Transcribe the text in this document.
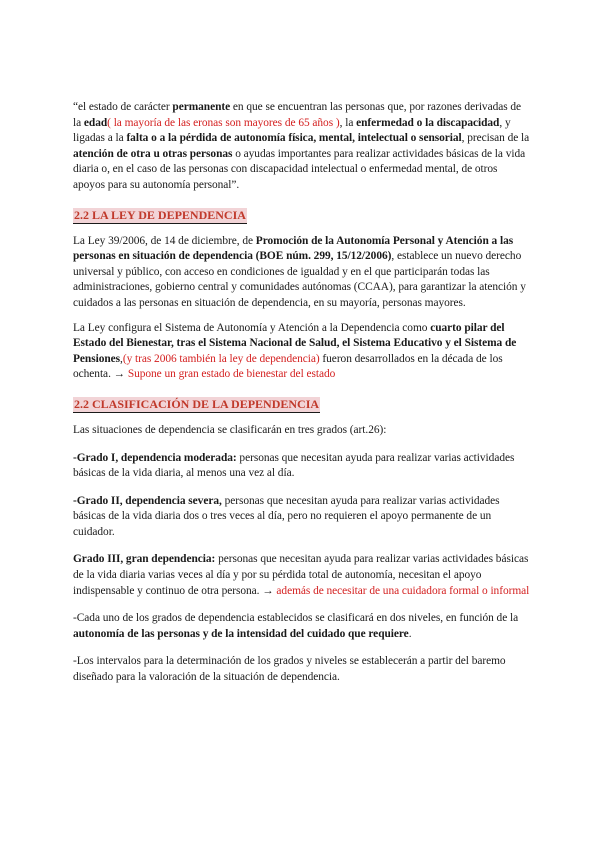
“el estado de carácter permanente en que se encuentran las personas que, por razones derivadas de la edad( la mayoría de las eronas son mayores de 65 años ), la enfermedad o la discapacidad, y ligadas a la falta o a la pérdida de autonomía física, mental, intelectual o sensorial, precisan de la atención de otra u otras personas o ayudas importantes para realizar actividades básicas de la vida diaria o, en el caso de las personas con discapacidad intelectual o enfermedad mental, de otros apoyos para su autonomía personal”.

2.2 LA LEY DE DEPENDENCIA

La Ley 39/2006, de 14 de diciembre, de Promoción de la Autonomía Personal y Atención a las personas en situación de dependencia (BOE núm. 299, 15/12/2006), establece un nuevo derecho universal y público, con acceso en condiciones de igualdad y en el que participarán todas las administraciones, gobierno central y comunidades autónomas (CCAA), para garantizar la atención y cuidados a las personas en situación de dependencia, en su mayoría, personas mayores.

La Ley configura el Sistema de Autonomía y Atención a la Dependencia como cuarto pilar del Estado del Bienestar, tras el Sistema Nacional de Salud, el Sistema Educativo y el Sistema de Pensiones,(y tras 2006 también la ley de dependencia) fueron desarrollados en la década de los ochenta. → Supone un gran estado de bienestar del estado

2.2 CLASIFICACIÓN DE LA DEPENDENCIA

Las situaciones de dependencia se clasificarán en tres grados (art.26):

-Grado I, dependencia moderada: personas que necesitan ayuda para realizar varias actividades básicas de la vida diaria, al menos una vez al día.

-Grado II, dependencia severa, personas que necesitan ayuda para realizar varias actividades básicas de la vida diaria dos o tres veces al día, pero no requieren el apoyo permanente de un cuidador.

Grado III, gran dependencia: personas que necesitan ayuda para realizar varias actividades básicas de la vida diaria varias veces al día y por su pérdida total de autonomía, necesitan el apoyo indispensable y continuo de otra persona. → además de necesitar de una cuidadora formal o informal

-Cada uno de los grados de dependencia establecidos se clasificará en dos niveles, en función de la autonomía de las personas y de la intensidad del cuidado que requiere.

-Los intervalos para la determinación de los grados y niveles se establecerán a partir del baremo diseñado para la valoración de la situación de dependencia.
